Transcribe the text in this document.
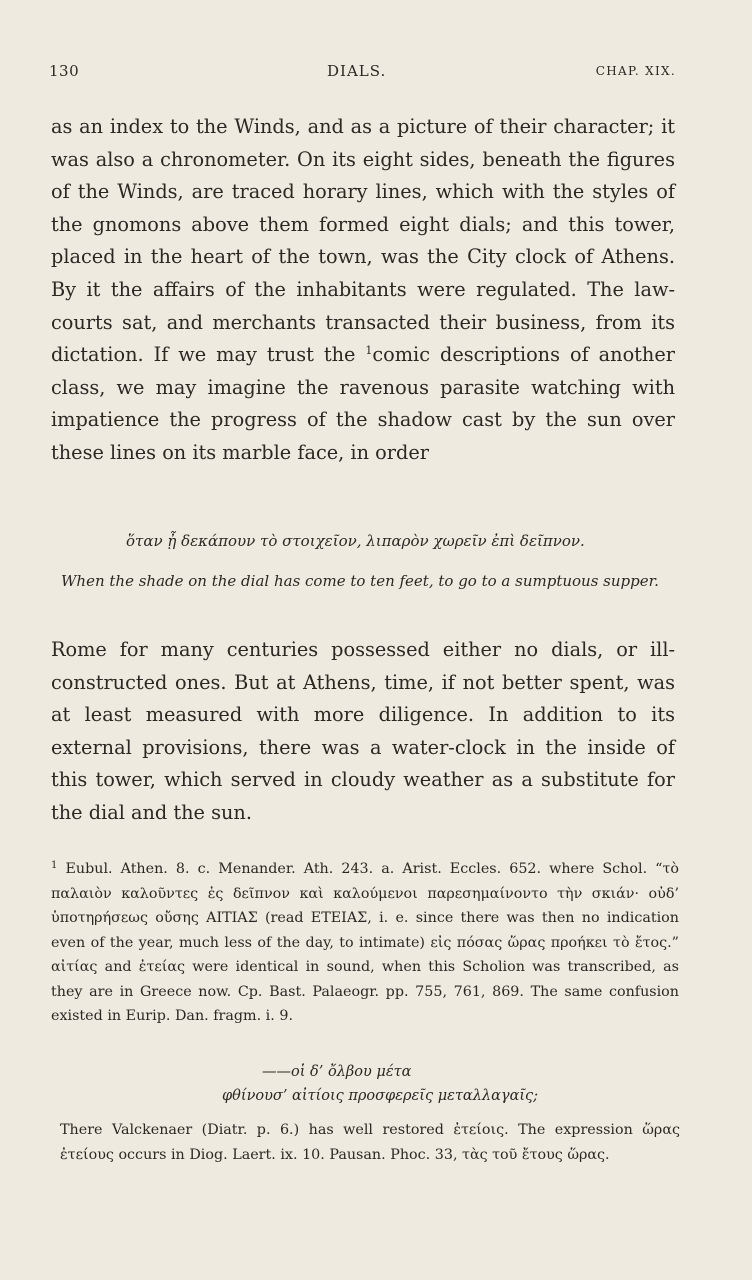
130	DIALS.	CHAP. XIX.
as an index to the Winds, and as a picture of their character; it was also a chronometer. On its eight sides, beneath the figures of the Winds, are traced horary lines, which with the styles of the gnomons above them formed eight dials; and this tower, placed in the heart of the town, was the City clock of Athens. By it the affairs of the inhabitants were regulated. The law-courts sat, and merchants transacted their business, from its dictation. If we may trust the $^1$comic descriptions of another class, we may imagine the ravenous parasite watching with impatience the progress of the shadow cast by the sun over these lines on its marble face, in order
ὅταν ᾖ δεκάπουν τὸ στοιχεῖον, λιπαρὸν χωρεῖν ἐπὶ δεῖπνον.
When the shade on the dial has come to ten feet, to go to a sumptuous supper.
Rome for many centuries possessed either no dials, or ill-constructed ones. But at Athens, time, if not better spent, was at least measured with more diligence. In addition to its external provisions, there was a water-clock in the inside of this tower, which served in cloudy weather as a substitute for the dial and the sun.
$^1$ Eubul. Athen. 8. c. Menander. Ath. 243. a. Arist. Eccles. 652. where Schol. “τὸ παλαιὸν καλοῦντες ἐς δεῖπνον καὶ καλούμενοι παρεσημαίνοντο τὴν σκιάν· οὐδ’ ὑποτηρήσεως οὔσης ΑΙΤΙΑΣ (read ΕΤΕΙΑΣ, i. e. since there was then no indication even of the year, much less of the day, to intimate) εἰς πόσας ὥρας προήκει τὸ ἔτος.” αἰτίας and ἐτείας were identical in sound, when this Scholion was transcribed, as they are in Greece now. Cp. Bast. Palaeogr. pp. 755, 761, 869. The same confusion existed in Eurip. Dan. fragm. i. 9.
——οἱ δ’ ὄλβου μέτα
φθίνουσ’ αἰτίοις προσφερεῖς μεταλλαγαῖς;
There Valckenaer (Diatr. p. 6.) has well restored ἐτείοις. The expression ὥρας ἐτείους occurs in Diog. Laert. ix. 10. Pausan. Phoc. 33, τὰς τοῦ ἔτους ὥρας.
